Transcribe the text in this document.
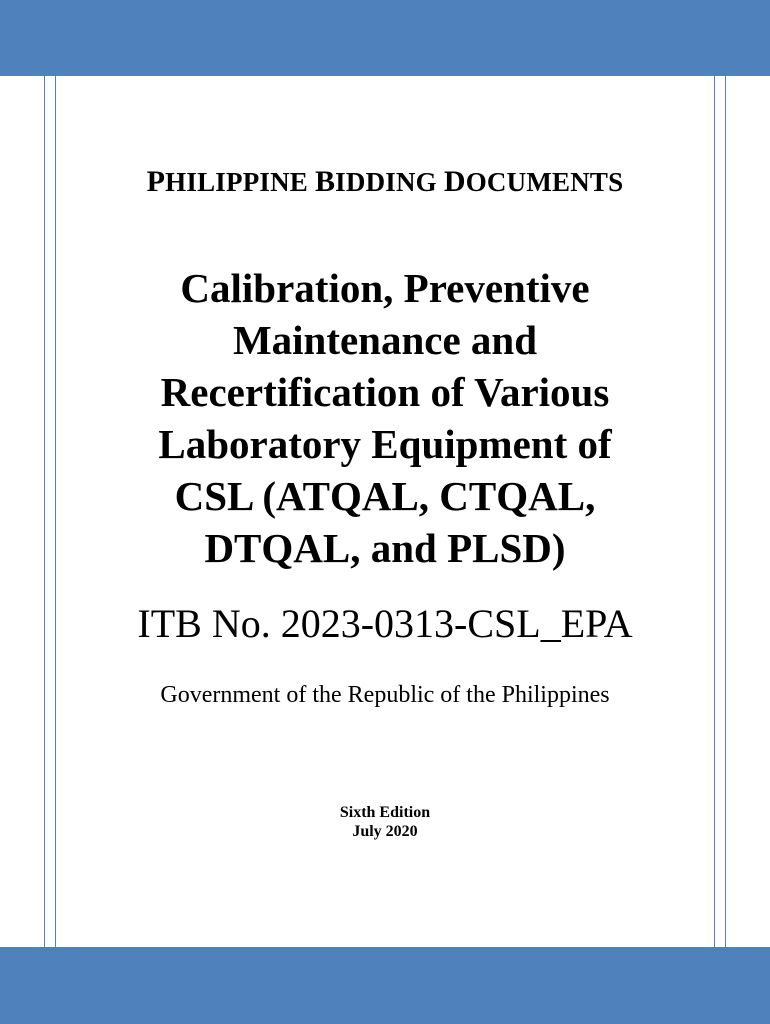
PHILIPPINE BIDDING DOCUMENTS
Calibration, Preventive
Maintenance and
Recertification of Various
Laboratory Equipment of
CSL (ATQAL, CTQAL,
DTQAL, and PLSD)
ITB No. 2023-0313-CSL_EPA
Government of the Republic of the Philippines
Sixth Edition
July 2020
